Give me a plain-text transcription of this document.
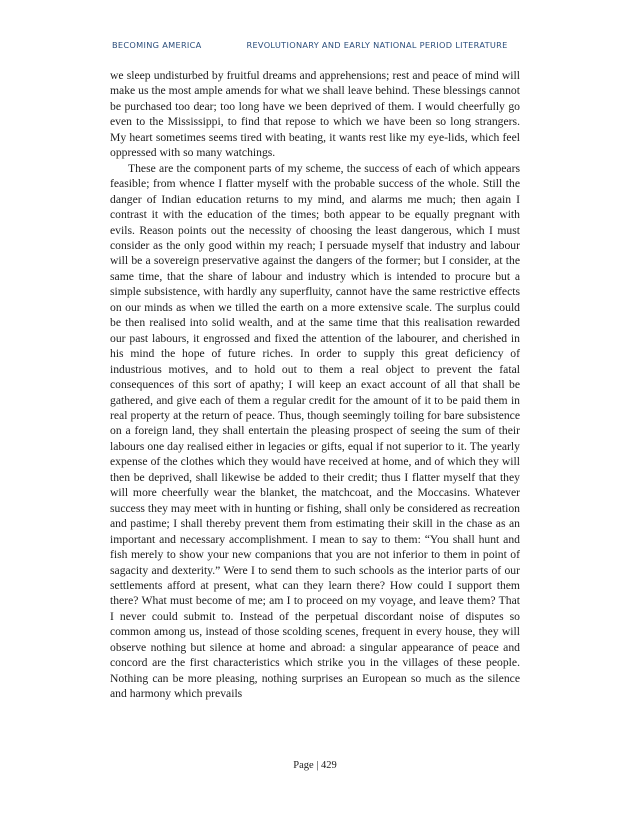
BECOMING AMERICA	REVOLUTIONARY AND EARLY NATIONAL PERIOD LITERATURE

we sleep undisturbed by fruitful dreams and apprehensions; rest and peace of mind will make us the most ample amends for what we shall leave behind. These blessings cannot be purchased too dear; too long have we been deprived of them. I would cheerfully go even to the Mississippi, to find that repose to which we have been so long strangers. My heart sometimes seems tired with beating, it wants rest like my eye-lids, which feel oppressed with so many watchings.

These are the component parts of my scheme, the success of each of which appears feasible; from whence I flatter myself with the probable success of the whole. Still the danger of Indian education returns to my mind, and alarms me much; then again I contrast it with the education of the times; both appear to be equally pregnant with evils. Reason points out the necessity of choosing the least dangerous, which I must consider as the only good within my reach; I persuade myself that industry and labour will be a sovereign preservative against the dangers of the former; but I consider, at the same time, that the share of labour and industry which is intended to procure but a simple subsistence, with hardly any superfluity, cannot have the same restrictive effects on our minds as when we tilled the earth on a more extensive scale. The surplus could be then realised into solid wealth, and at the same time that this realisation rewarded our past labours, it engrossed and fixed the attention of the labourer, and cherished in his mind the hope of future riches. In order to supply this great deficiency of industrious motives, and to hold out to them a real object to prevent the fatal consequences of this sort of apathy; I will keep an exact account of all that shall be gathered, and give each of them a regular credit for the amount of it to be paid them in real property at the return of peace. Thus, though seemingly toiling for bare subsistence on a foreign land, they shall entertain the pleasing prospect of seeing the sum of their labours one day realised either in legacies or gifts, equal if not superior to it. The yearly expense of the clothes which they would have received at home, and of which they will then be deprived, shall likewise be added to their credit; thus I flatter myself that they will more cheerfully wear the blanket, the matchcoat, and the Moccasins. Whatever success they may meet with in hunting or fishing, shall only be considered as recreation and pastime; I shall thereby prevent them from estimating their skill in the chase as an important and necessary accomplishment. I mean to say to them: “You shall hunt and fish merely to show your new companions that you are not inferior to them in point of sagacity and dexterity.” Were I to send them to such schools as the interior parts of our settlements afford at present, what can they learn there? How could I support them there? What must become of me; am I to proceed on my voyage, and leave them? That I never could submit to. Instead of the perpetual discordant noise of disputes so common among us, instead of those scolding scenes, frequent in every house, they will observe nothing but silence at home and abroad: a singular appearance of peace and concord are the first characteristics which strike you in the villages of these people. Nothing can be more pleasing, nothing surprises an European so much as the silence and harmony which prevails

Page | 429
